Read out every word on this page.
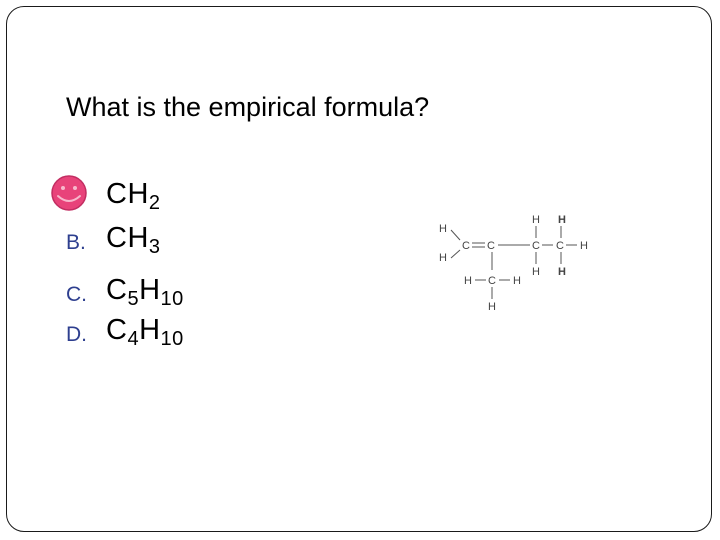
What is the empirical formula?
$CH_2$
B. $CH_3$
C. $C_5H_{10}$
D. $C_4H_{10}$
H
H
C C	C C H
H
H
H
H
H C H
H
